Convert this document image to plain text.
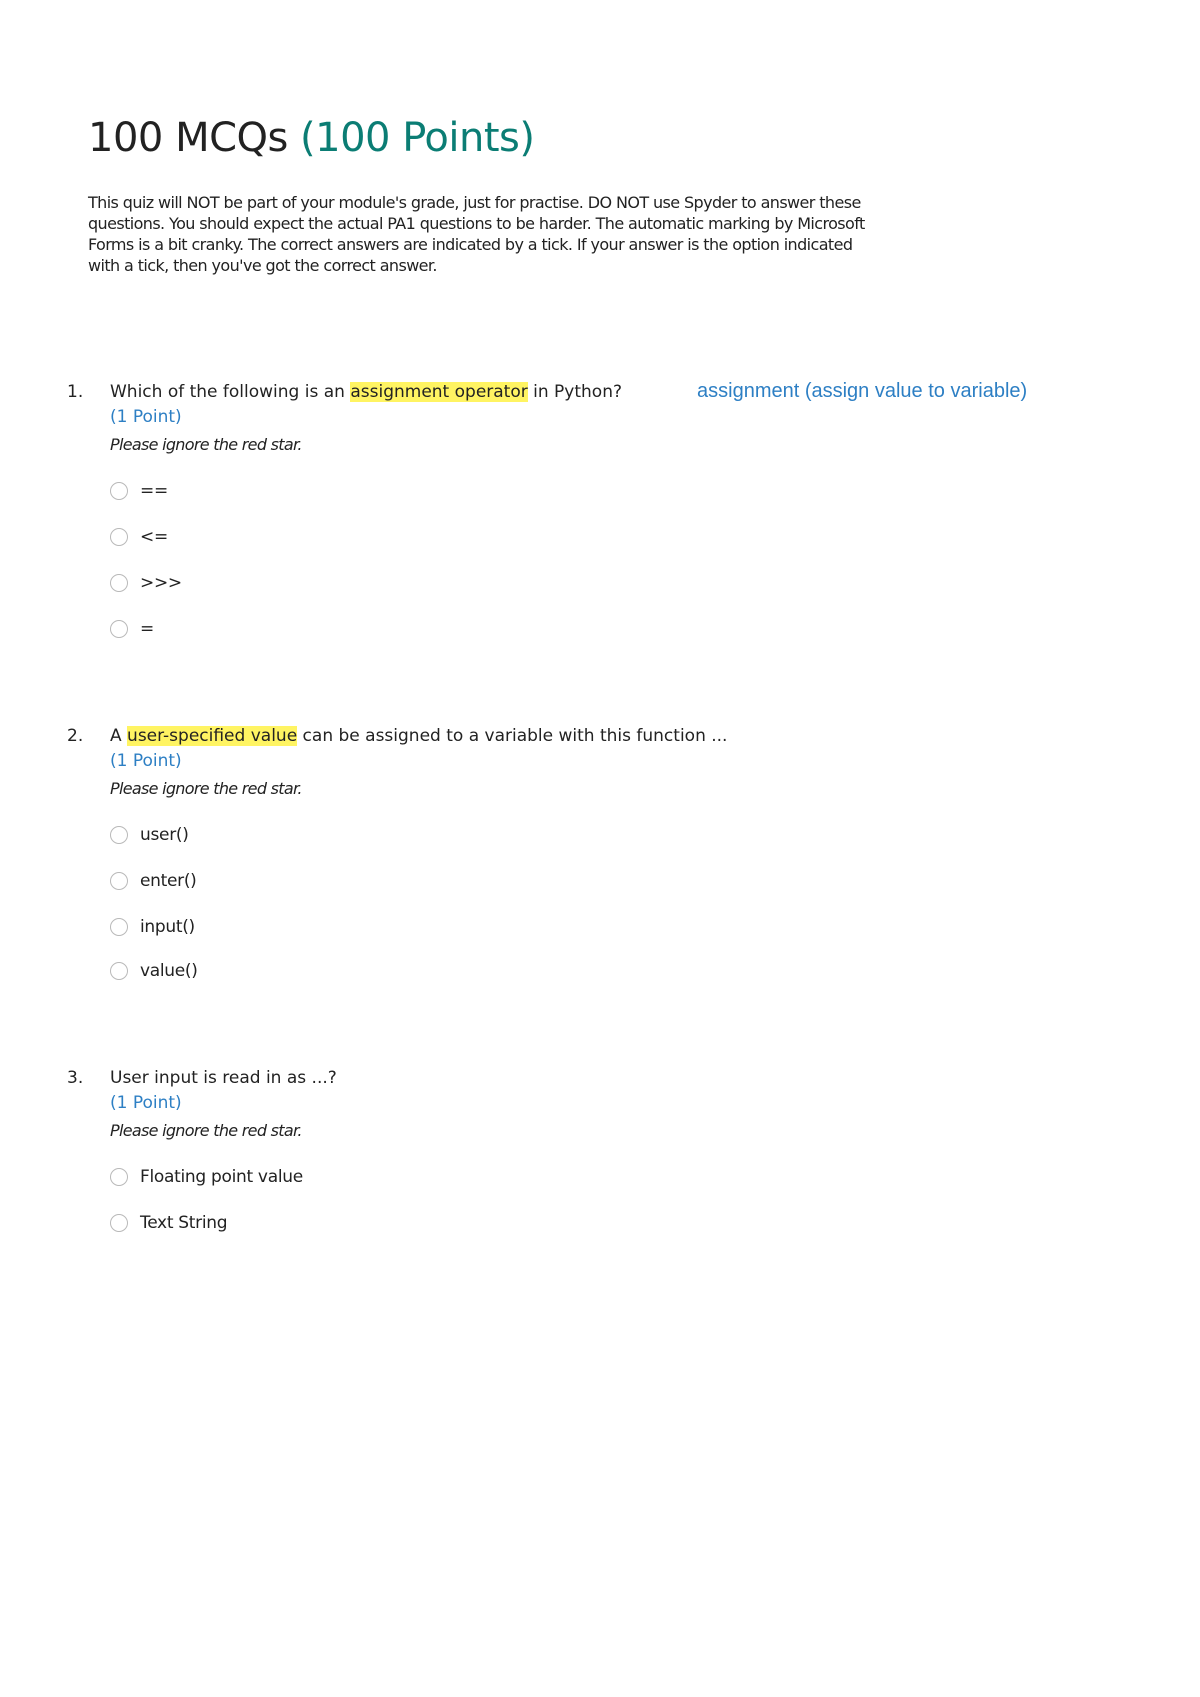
100 MCQs (100 Points)

This quiz will NOT be part of your module's grade, just for practise. DO NOT use Spyder to answer these questions. You should expect the actual PA1 questions to be harder. The automatic marking by Microsoft Forms is a bit cranky. The correct answers are indicated by a tick. If your answer is the option indicated with a tick, then you've got the correct answer.

1. Which of the following is an assignment operator in Python?	assignment (assign value to variable)
(1 Point)
Please ignore the red star.
==
<=
>>>
=
2. A user-specified value can be assigned to a variable with this function ...
(1 Point)
Please ignore the red star.
user()
enter()
input()
value()
3. User input is read in as ...?
(1 Point)
Please ignore the red star.
Floating point value
Text String
